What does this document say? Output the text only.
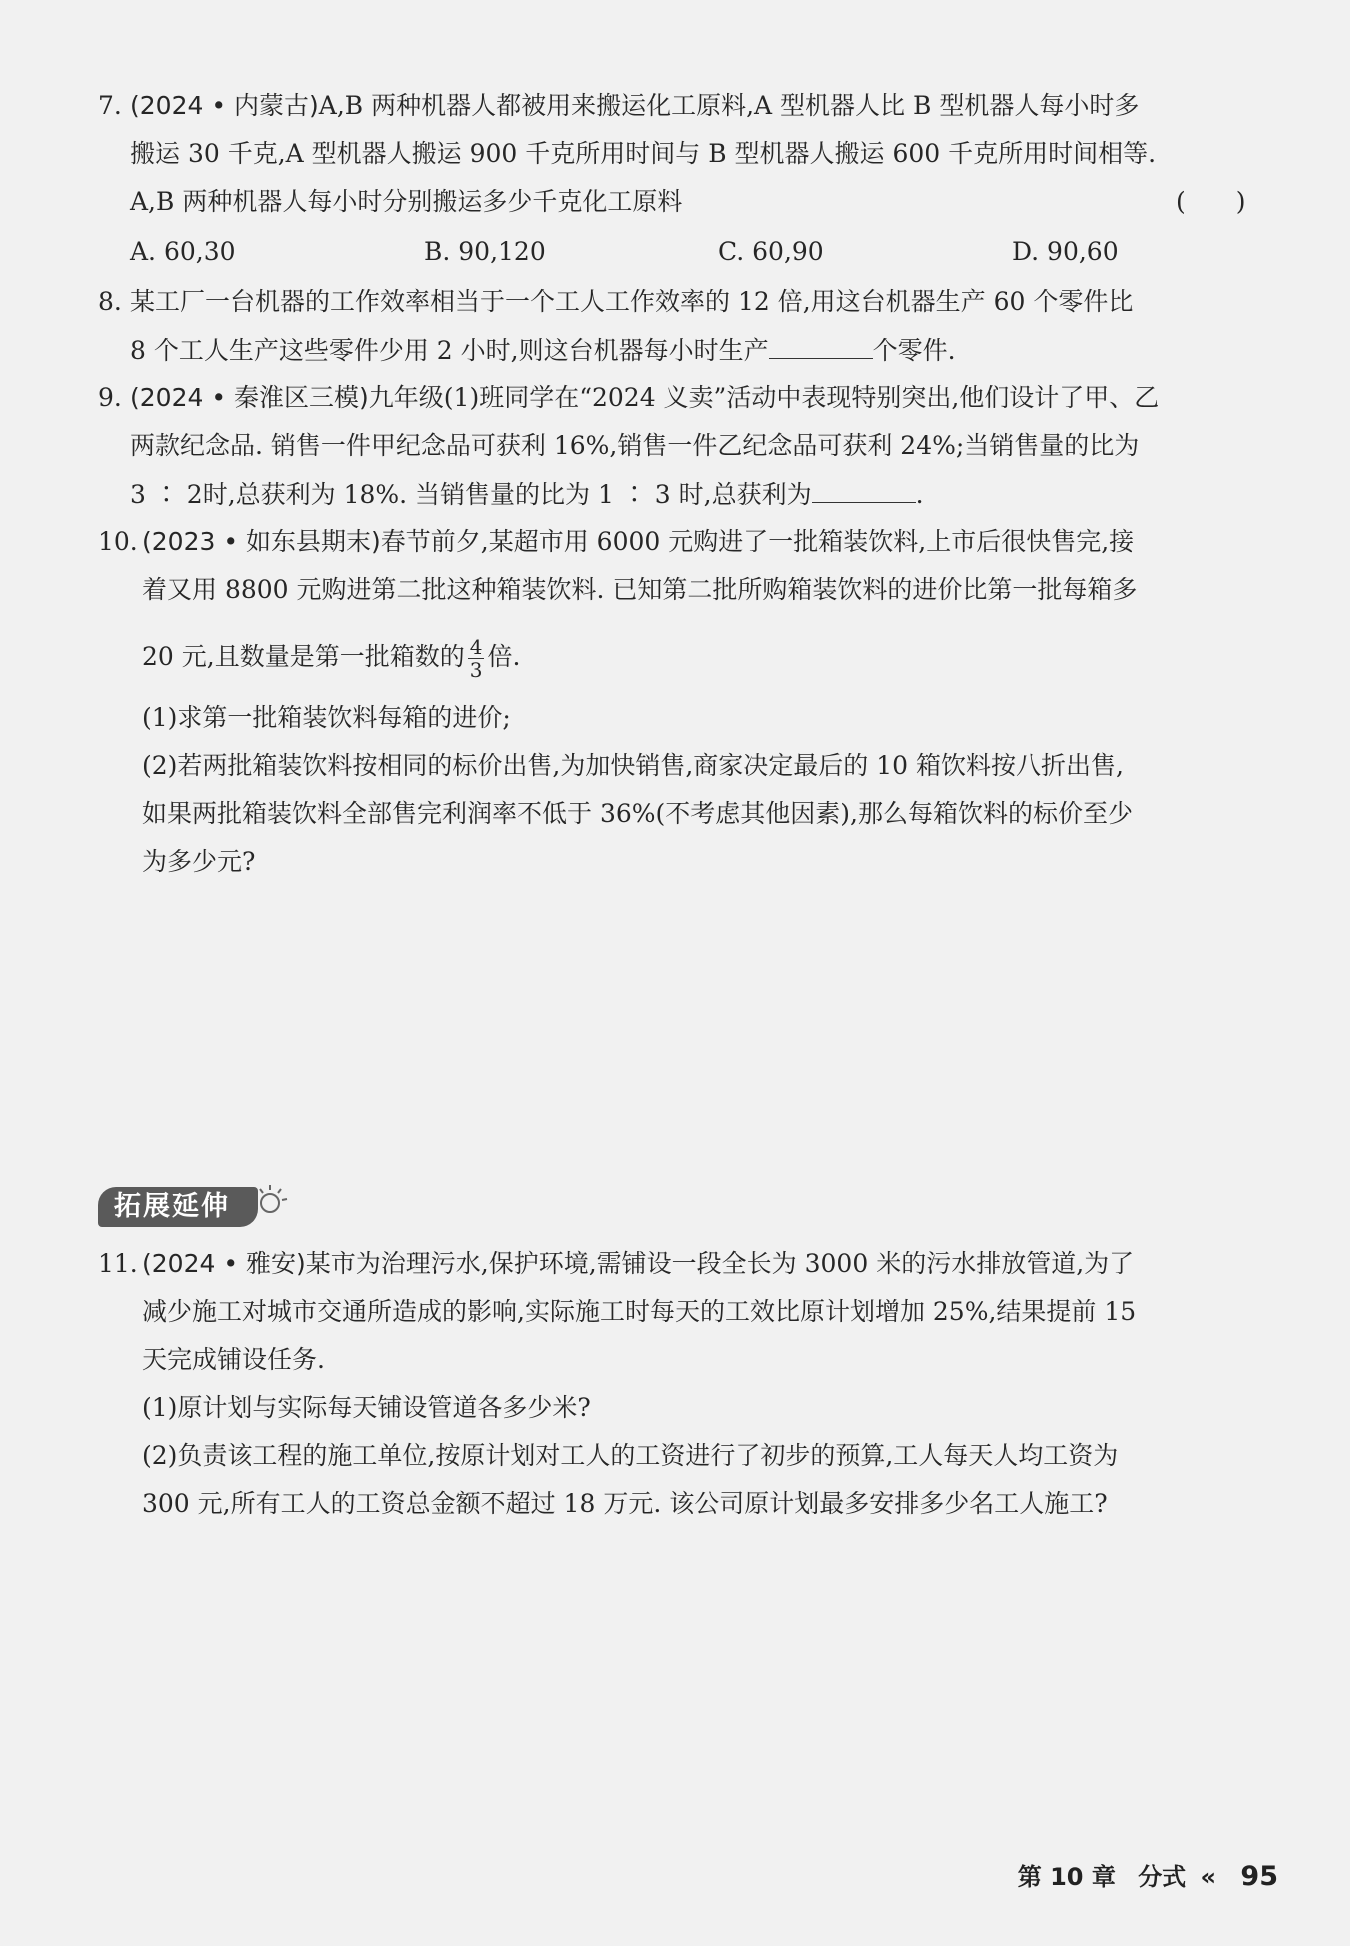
7. (2024 • 内蒙古)A,B 两种机器人都被用来搬运化工原料,A 型机器人比 B 型机器人每小时多
搬运 30 千克,A 型机器人搬运 900 千克所用时间与 B 型机器人搬运 600 千克所用时间相等.
A,B 两种机器人每小时分别搬运多少千克化工原料	(　　)
A. 60,30	B. 90,120	C. 60,90	D. 90,60
8. 某工厂一台机器的工作效率相当于一个工人工作效率的 12 倍,用这台机器生产 60 个零件比
8 个工人生产这些零件少用 2 小时,则这台机器每小时生产	个零件.
9. (2024 • 秦淮区三模)九年级(1)班同学在“2024 义卖”活动中表现特别突出,他们设计了甲、乙
两款纪念品. 销售一件甲纪念品可获利 16%,销售一件乙纪念品可获利 24%;当销售量的比为
3 ∶ 2时,总获利为 18%. 当销售量的比为 1 ∶ 3 时,总获利为	.
10. (2023 • 如东县期末)春节前夕,某超市用 6000 元购进了一批箱装饮料,上市后很快售完,接
着又用 8800 元购进第二批这种箱装饮料. 已知第二批所购箱装饮料的进价比第一批每箱多
20 元,且数量是第一批箱数的 $\frac{4}{3}$ 倍.
(1)求第一批箱装饮料每箱的进价;
(2)若两批箱装饮料按相同的标价出售,为加快销售,商家决定最后的 10 箱饮料按八折出售,
如果两批箱装饮料全部售完利润率不低于 36%(不考虑其他因素),那么每箱饮料的标价至少
为多少元?
拓展延伸
11. (2024 • 雅安)某市为治理污水,保护环境,需铺设一段全长为 3000 米的污水排放管道,为了
减少施工对城市交通所造成的影响,实际施工时每天的工效比原计划增加 25%,结果提前 15
天完成铺设任务.
(1)原计划与实际每天铺设管道各多少米?
(2)负责该工程的施工单位,按原计划对工人的工资进行了初步的预算,工人每天人均工资为
300 元,所有工人的工资总金额不超过 18 万元. 该公司原计划最多安排多少名工人施工?
第 10 章 分式 « 95
